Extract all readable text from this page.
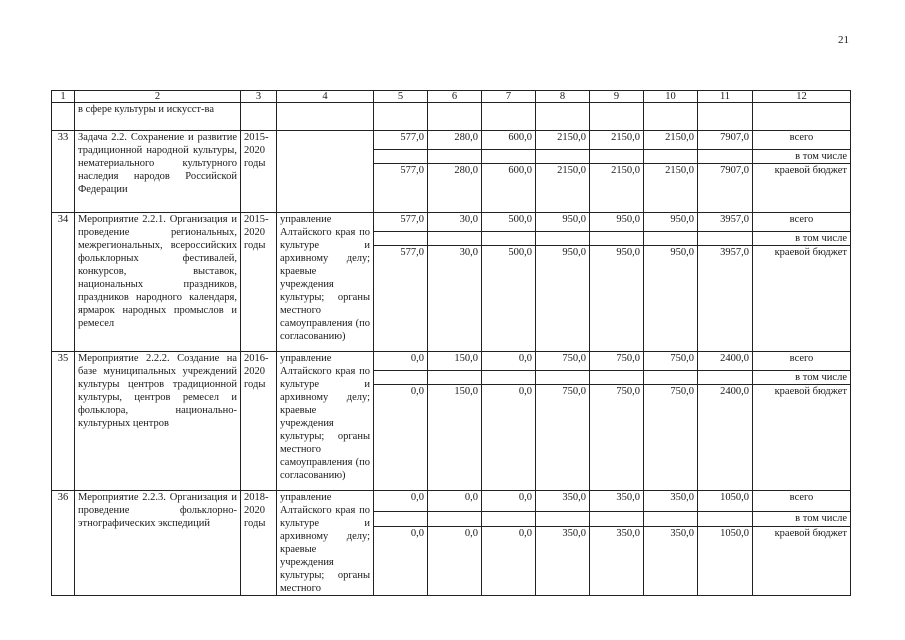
21
1	2	3	4	5	6	7	8	9	10	11	12
	в сфере культуры и искусст-ва										
33	Задача 2.2. Сохранение и развитие традиционной народной культуры, нематериального культурного наследия народов Российской Федерации	2015-2020 годы		577,0	280,0	600,0	2150,0	2150,0	2150,0	7907,0	всего
											в том числе
				577,0	280,0	600,0	2150,0	2150,0	2150,0	7907,0	краевой бюджет
34	Мероприятие 2.2.1. Организация и проведение региональных, межрегиональных, всероссийских фольклорных фестивалей, конкурсов, выставок, национальных праздников, праздников народного календаря, ярмарок народных промыслов и ремесел	2015-2020 годы	управление Алтайского края по культуре и архивному делу; краевые учреждения культуры; органы местного самоуправления (по согласованию)	577,0	30,0	500,0	950,0	950,0	950,0	3957,0	всего
											в том числе
				577,0	30,0	500,0	950,0	950,0	950,0	3957,0	краевой бюджет
35	Мероприятие 2.2.2. Создание на базе муниципальных учреждений культуры центров традиционной культуры, центров ремесел и фольклора, национально-культурных центров	2016-2020 годы	управление Алтайского края по культуре и архивному делу; краевые учреждения культуры; органы местного самоуправления (по согласованию)	0,0	150,0	0,0	750,0	750,0	750,0	2400,0	всего
											в том числе
				0,0	150,0	0,0	750,0	750,0	750,0	2400,0	краевой бюджет
36	Мероприятие 2.2.3. Организация и проведение фольклорно-этнографических экспедиций	2018-2020 годы	управление Алтайского края по культуре и архивному делу; краевые учреждения культуры; органы местного	0,0	0,0	0,0	350,0	350,0	350,0	1050,0	всего
											в том числе
				0,0	0,0	0,0	350,0	350,0	350,0	1050,0	краевой бюджет
